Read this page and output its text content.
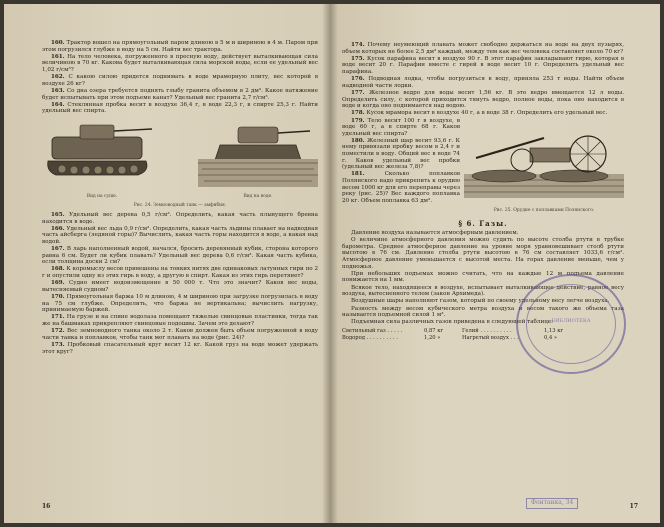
160. Трактор вошел на прямоугольный паром длиною в 5 м и шириною в 4 м. Паром при этом погрузился глубже в воду на 5 см. Найти вес трактора.

161. На тело человека, погруженного в пресную воду, действует выталкивающая сила величиною в 70 кг. Каковa будет выталкивающая сила морской воды, если ее удельный вес 1,02 г/см³?

162. С какою силою придется поднимать в воде мраморную плиту, вес которой в воздухе 26 кг?

163. Со дна озера требуется поднять глыбу гранита объемом в 2 дм³. Какое натяжение будет испытывать при этом подъеме канат? Удельный вес гранита 2,7 г/см³.

164. Стеклянная пробка весит в воздухе 36,4 г, в воде 22,3 г, в спирте 25,3 г. Найти удельный вес спирта.

Вид на суше.	Вид на воде.
Рис. 24. Земноводный танк — амфибия.

165. Удельный вес дерева 0,5 г/см³. Определить, какая часть плывущего бревна находится в воде.

166. Удельный вес льда 0,9 г/см³. Определить, какая часть льдины плавает на надводная часть айсберга (ледяной горы)? Вычислить, какая часть горы находится в воде, а какая над водой.

167. В ларь наполненный водой, начался, бросить деревянный кубик, сторона которого равна 6 см. Будет ли кубик плавать? Удельный вес дерева 0,6 г/см³. Какая часть кубика, если толщина доски 2 см?

168. К коромыслу весов привешены на тонких нитях две одинаковых латунных гири по 2 г и опустили одну из этих гирь в воду, а другую в спирт. Какая из этих гирь перетянет?

169. Судно имеет водоизмещение в 50 000 т. Что это значит? Каков вес воды, вытесняемый судном?

170. Прямоугольная баржа 10 м длиною, 4 м шириною при загрузке погрузилась в воду на 75 см глубже. Определить, что баржа не вертикальна; вычислить нагрузку, принимаемую баржей.

171. На грузе и на спине водолаза помещают тяжелые свинцовые пластинки, тогда так же на башмаках прикрепляют свинцовые подошвы. Зачем это делают?

172. Вес земноводного танка около 2 т. Каков должен быть объем погруженной в воду части танка и поплавков, чтобы танк мог плавать на воде (рис. 24)?

173. Пробковый спасательный круг весит 12 кг. Какой груз на воде может удержать этот круг?

16

174. Почему неумеющий плавать может свободно держаться на воде на двух пузырях, объем которых не более 2,5 дм³ каждый, между тем как вес человека составляет около 70 кг?

175. Кусок парафина весит в воздухе 90 г. В этот парафин закладывают гирю, которая в воде весит 20 г. Парафин вместе с гирей в воде весит 10 г. Определить удельный вес парафина.

176. Подводная лодка, чтобы погрузиться в воду, приняла 253 т воды. Найти объем надводной части лодки.

177. Железное ведро для воды весит 1,56 кг. В это ведро вмещается 12 л воды. Определить силу, с которой приходится тянуть ведро, полное воды, пока оно находится в воде и когда оно поднимается над водою.

178. Кусок мрамора весит в воздухе 40 г, а в воде 38 г. Определить его удельный вес.

Рис. 25. Орудие с поплавками Полянского.

179. Тело весит 100 г в воздухе, в воде 60 г, а в спирте 68 г. Каков удельный вес спирта?

180. Железный шар весит 93,6 г. К нему привязали пробку весом в 2,4 г и поместили в воду. Общий вес в воде 74 г. Каков удельный вес пробки (удельный вес железа 7,8)?

181.	Сколько поплавков Полянского надо прикрепить к орудию весом 1000 кг для его переправы через реку (рис. 25)? Вес каждого поплавка 20 кг. Объем поплавка 63 дм³.

§ 6. Газы.

Давление воздуха называется атмосферным давлением.

О величине атмосферного давления можно судить по высоте столба ртути в трубке барометра. Среднее атмосферное давление на уровне моря уравновешивает столб ртути высотою в 76 см. Давление столба ртути высотою в 76 см составляет 1033,6 г/см². Атмосферное давление уменьшается с высотой места. На горах давление меньше, чем у подножья.

При небольших подъемах можно считать, что на каждые 12 м подъема давление понижается на 1 мм.

Всякое тело, находящееся в воздухе, испытывает выталкивающее действие, равное весу воздуха, вытесненного телом (закон Архимеда).

Воздушные шары наполняют газом, который по своему удельному весу легче воздуха.

Разность между весом кубического метра воздуха и весом такого же объема газа называется подъемной силой 1 м³.

Подъемная сила различных газов приведена в следующей таблице:

Светильный газ . . . . .	0,87 кг	Гелий . . . . . . . . . .	1,13 кг
Водород . . . . . . . . . .	1,20 »	Нагретый воздух . . .	0,4 »
17
БИБЛИОТЕКА
Фонтанка, 34
